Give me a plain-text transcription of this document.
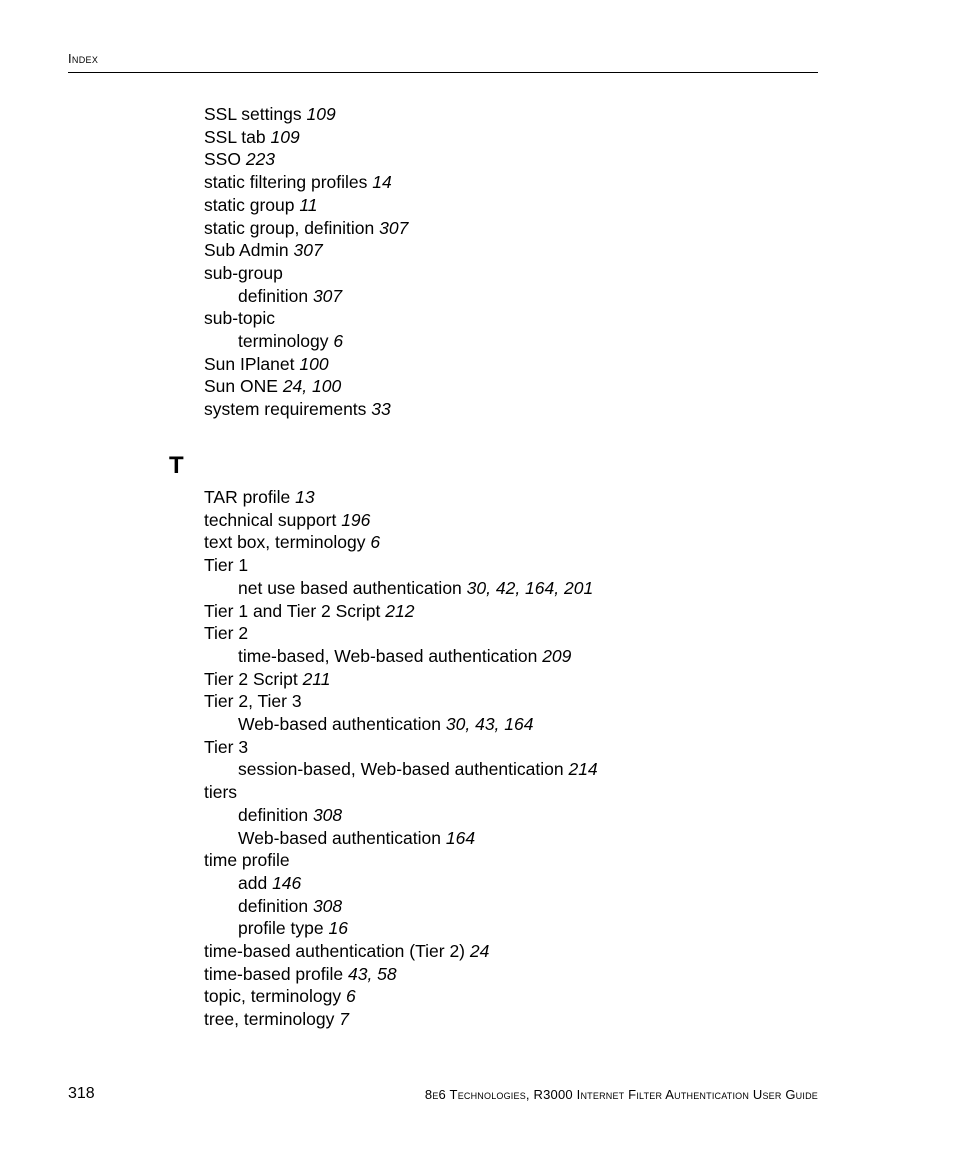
Index
SSL settings 109
SSL tab 109
SSO 223
static filtering profiles 14
static group 11
static group, definition 307
Sub Admin 307
sub-group
definition 307
sub-topic
terminology 6
Sun IPlanet 100
Sun ONE 24, 100
system requirements 33
T
TAR profile 13
technical support 196
text box, terminology 6
Tier 1
net use based authentication 30, 42, 164, 201
Tier 1 and Tier 2 Script 212
Tier 2
time-based, Web-based authentication 209
Tier 2 Script 211
Tier 2, Tier 3
Web-based authentication 30, 43, 164
Tier 3
session-based, Web-based authentication 214
tiers
definition 308
Web-based authentication 164
time profile
add 146
definition 308
profile type 16
time-based authentication (Tier 2) 24
time-based profile 43, 58
topic, terminology 6
tree, terminology 7
318	8e6 Technologies, R3000 Internet Filter Authentication User Guide
